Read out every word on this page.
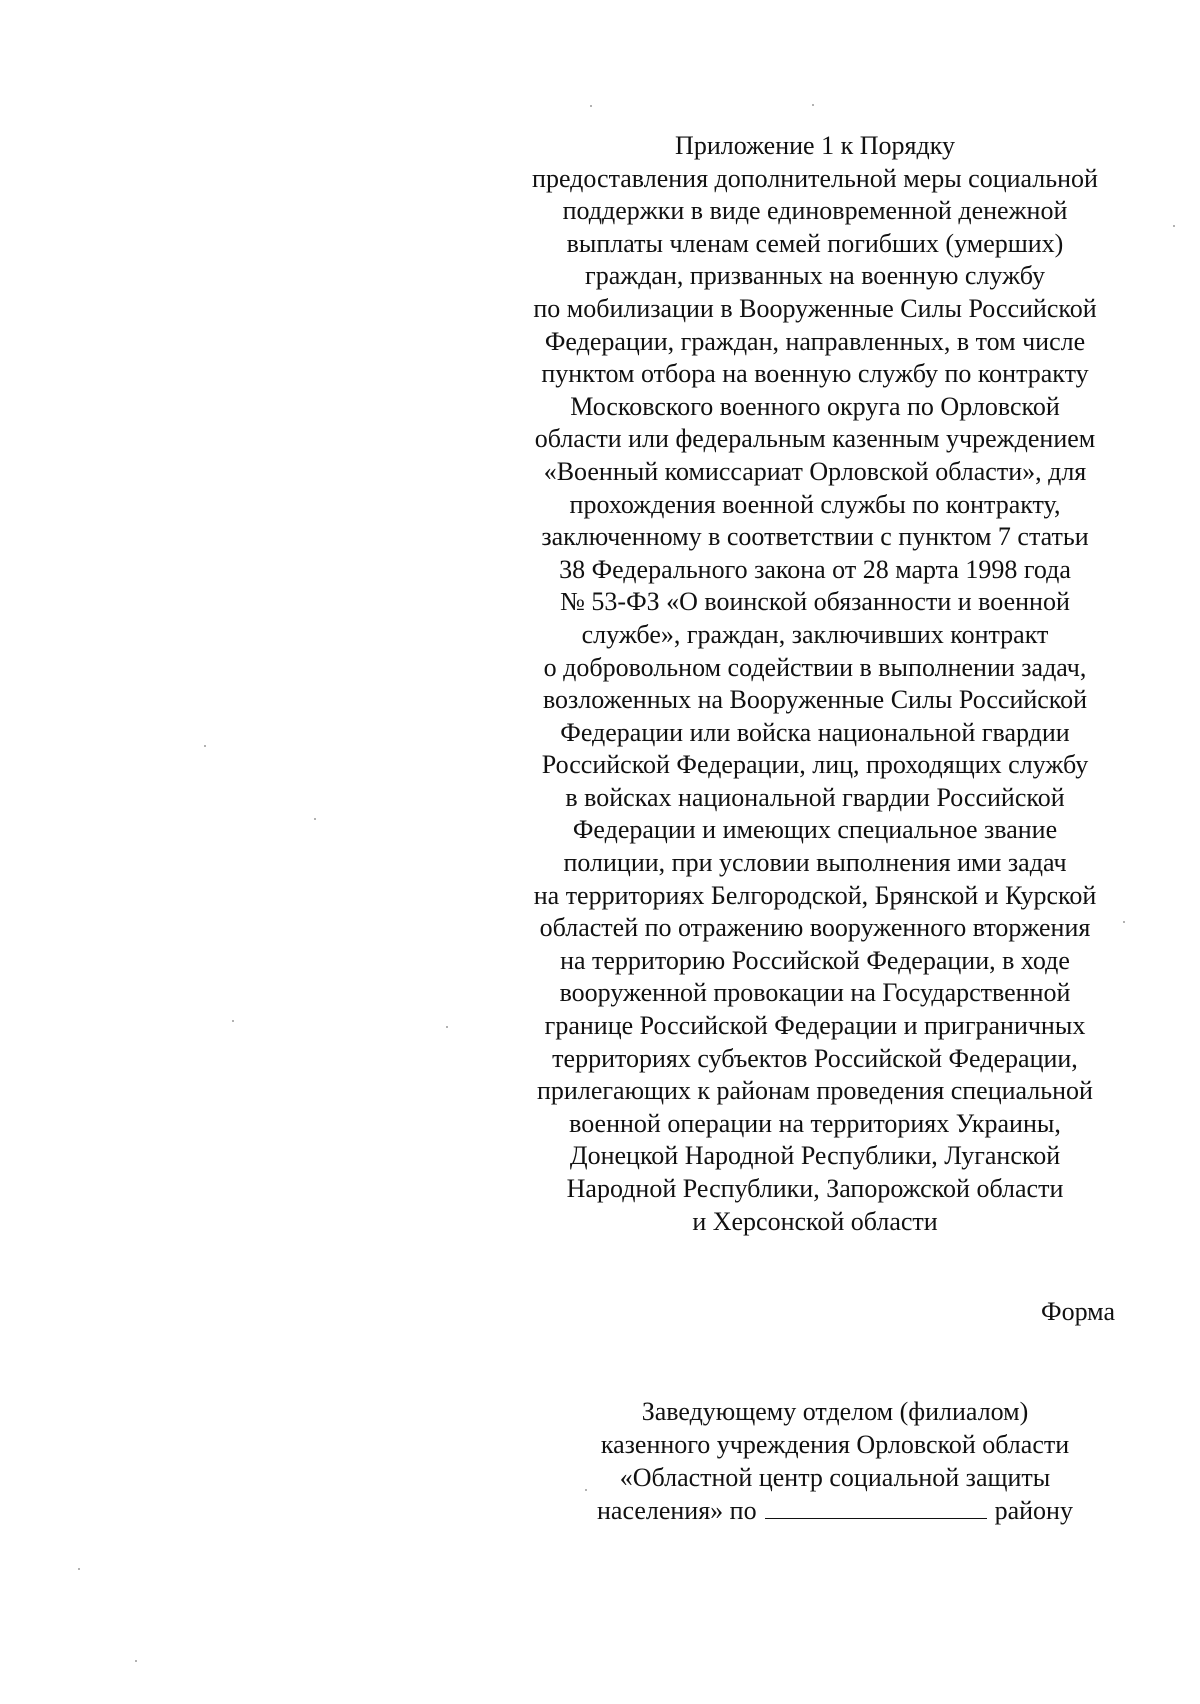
Приложение 1 к Порядку
предоставления дополнительной меры социальной
поддержки в виде единовременной денежной
выплаты членам семей погибших (умерших)
граждан, призванных на военную службу
по мобилизации в Вооруженные Силы Российской
Федерации, граждан, направленных, в том числе
пунктом отбора на военную службу по контракту
Московского военного округа по Орловской
области или федеральным казенным учреждением
«Военный комиссариат Орловской области», для
прохождения военной службы по контракту,
заключенному в соответствии с пунктом 7 статьи
38 Федерального закона от 28 марта 1998 года
№ 53-ФЗ «О воинской обязанности и военной
службе», граждан, заключивших контракт
о добровольном содействии в выполнении задач,
возложенных на Вооруженные Силы Российской
Федерации или войска национальной гвардии
Российской Федерации, лиц, проходящих службу
в войсках национальной гвардии Российской
Федерации и имеющих специальное звание
полиции, при условии выполнения ими задач
на территориях Белгородской, Брянской и Курской
областей по отражению вооруженного вторжения
на территорию Российской Федерации, в ходе
вооруженной провокации на Государственной
границе Российской Федерации и приграничных
территориях субъектов Российской Федерации,
прилегающих к районам проведения специальной
военной операции на территориях Украины,
Донецкой Народной Республики, Луганской
Народной Республики, Запорожской области
и Херсонской области
Форма
Заведующему отделом (филиалом)
казенного учреждения Орловской области
«Областной центр социальной защиты
населения» по	району
